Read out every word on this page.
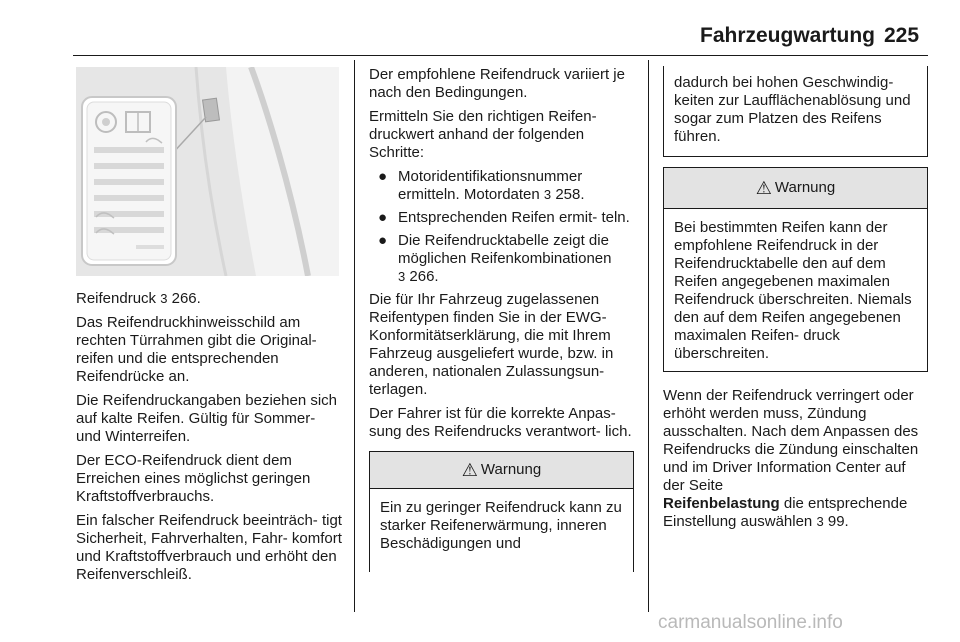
Fahrzeugwartung 225

Reifendruck 3 266.

Das Reifendruckhinweisschild am rechten Türrahmen gibt die Original- reifen und die entsprechenden Reifendrücke an.

Die Reifendruckangaben beziehen sich auf kalte Reifen. Gültig für Sommer- und Winterreifen.

Der ECO-Reifendruck dient dem Erreichen eines möglichst geringen Kraftstoffverbrauchs.

Ein falscher Reifendruck beeinträch- tigt Sicherheit, Fahrverhalten, Fahr- komfort und Kraftstoffverbrauch und erhöht den Reifenverschleiß.

Der empfohlene Reifendruck variiert je nach den Bedingungen.

Ermitteln Sie den richtigen Reifen- druckwert anhand der folgenden Schritte:

● Motoridentifikationsnummer ermitteln. Motordaten 3 258.
● Entsprechenden Reifen ermit- teln.
● Die Reifendrucktabelle zeigt die möglichen Reifenkombinationen
3 266.

Die für Ihr Fahrzeug zugelassenen Reifentypen finden Sie in der EWG- Konformitätserklärung, die mit Ihrem Fahrzeug ausgeliefert wurde, bzw. in anderen, nationalen Zulassungsun- terlagen.

Der Fahrer ist für die korrekte Anpas- sung des Reifendrucks verantwort- lich.

⚠ Warnung

Ein zu geringer Reifendruck kann zu starker Reifenerwärmung, inneren Beschädigungen und

dadurch bei hohen Geschwindig- keiten zur Laufflächenablösung und sogar zum Platzen des Reifens führen.

⚠ Warnung

Bei bestimmten Reifen kann der empfohlene Reifendruck in der Reifendrucktabelle den auf dem Reifen angegebenen maximalen Reifendruck überschreiten. Niemals den auf dem Reifen angegebenen maximalen Reifen- druck überschreiten.

Wenn der Reifendruck verringert oder erhöht werden muss, Zündung ausschalten. Nach dem Anpassen des Reifendrucks die Zündung einschalten und im Driver Information Center auf der Seite
Reifenbelastung die entsprechende Einstellung auswählen 3 99.

carmanualsonline.info
